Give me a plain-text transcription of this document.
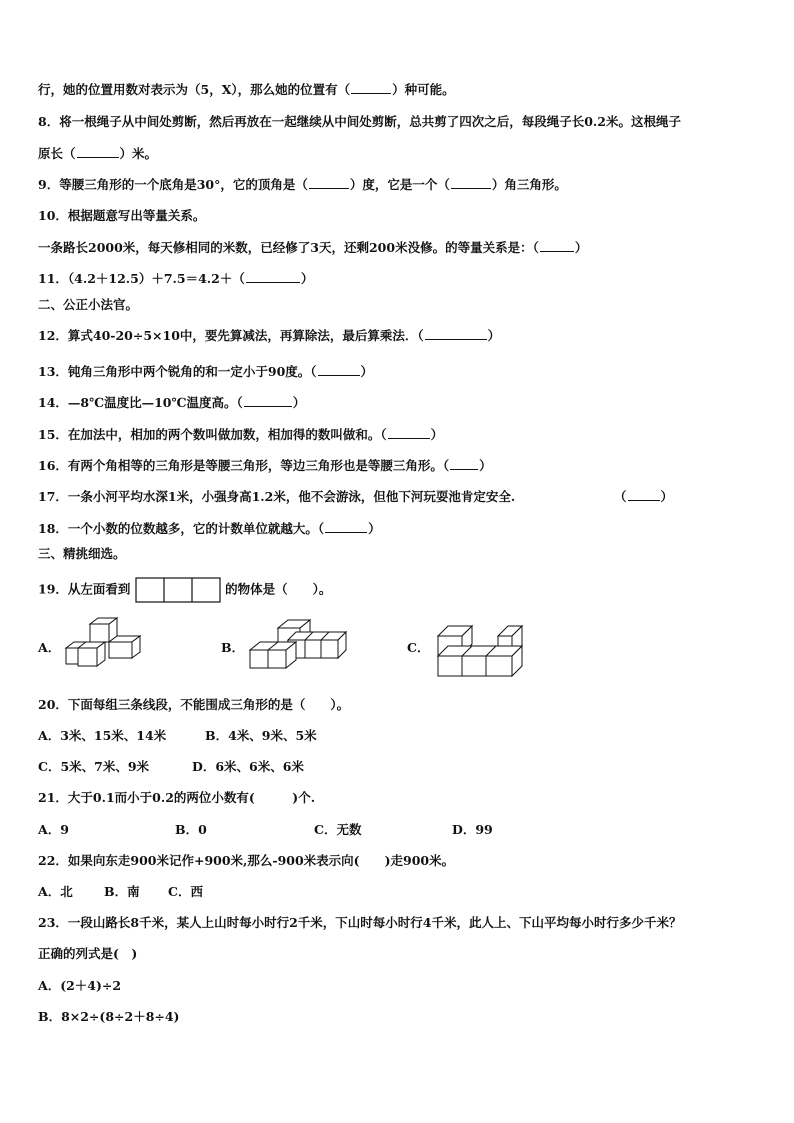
行，她的位置用数对表示为（5，X），那么她的位置有（	）种可能。
8．将一根绳子从中间处剪断，然后再放在一起继续从中间处剪断，总共剪了四次之后，每段绳子长0.2米。这根绳子
原长（	）米。
9．等腰三角形的一个底角是30°，它的顶角是（	）度，它是一个（	）角三角形。
10．根据题意写出等量关系。
一条路长2000米，每天修相同的米数，已经修了3天，还剩200米没修。的等量关系是：（	）
11．（4.2＋12.5）＋7.5＝4.2＋（	）
二、公正小法官。
12．算式40-20÷5×10中，要先算减法，再算除法，最后算乘法．（	）
13．钝角三角形中两个锐角的和一定小于90度。（	）
14．—8℃温度比—10℃温度高。（	）
15．在加法中，相加的两个数叫做加数，相加得的数叫做和。（	）
16．有两个角相等的三角形是等腰三角形，等边三角形也是等腰三角形。（ ）
17．一条小河平均水深1米，小强身高1.2米，他不会游泳，但他下河玩耍池肯定安全.	（	）
18．一个小数的位数越多，它的计数单位就越大。（	）
三、精挑细选。
19．从左面看到	的物体是（　　）。
A．	B．	C．
20．下面每组三条线段，不能围成三角形的是（　　）。
A．3米、15米、14米	B．4米、9米、5米
C．5米、7米、9米	D．6米、6米、6米
21．大于0.1而小于0.2的两位小数有(　　　)个.
A．9	B．0	C．无数	D．99
22．如果向东走900米记作+900米,那么-900米表示向(　　)走900米。
A．北	B．南 C．西
23．一段山路长8千米，某人上山时每小时行2千米，下山时每小时行4千米，此人上、下山平均每小时行多少千米？
正确的列式是(　)
A．(2＋4)÷2
B．8×2÷(8÷2＋8÷4)
